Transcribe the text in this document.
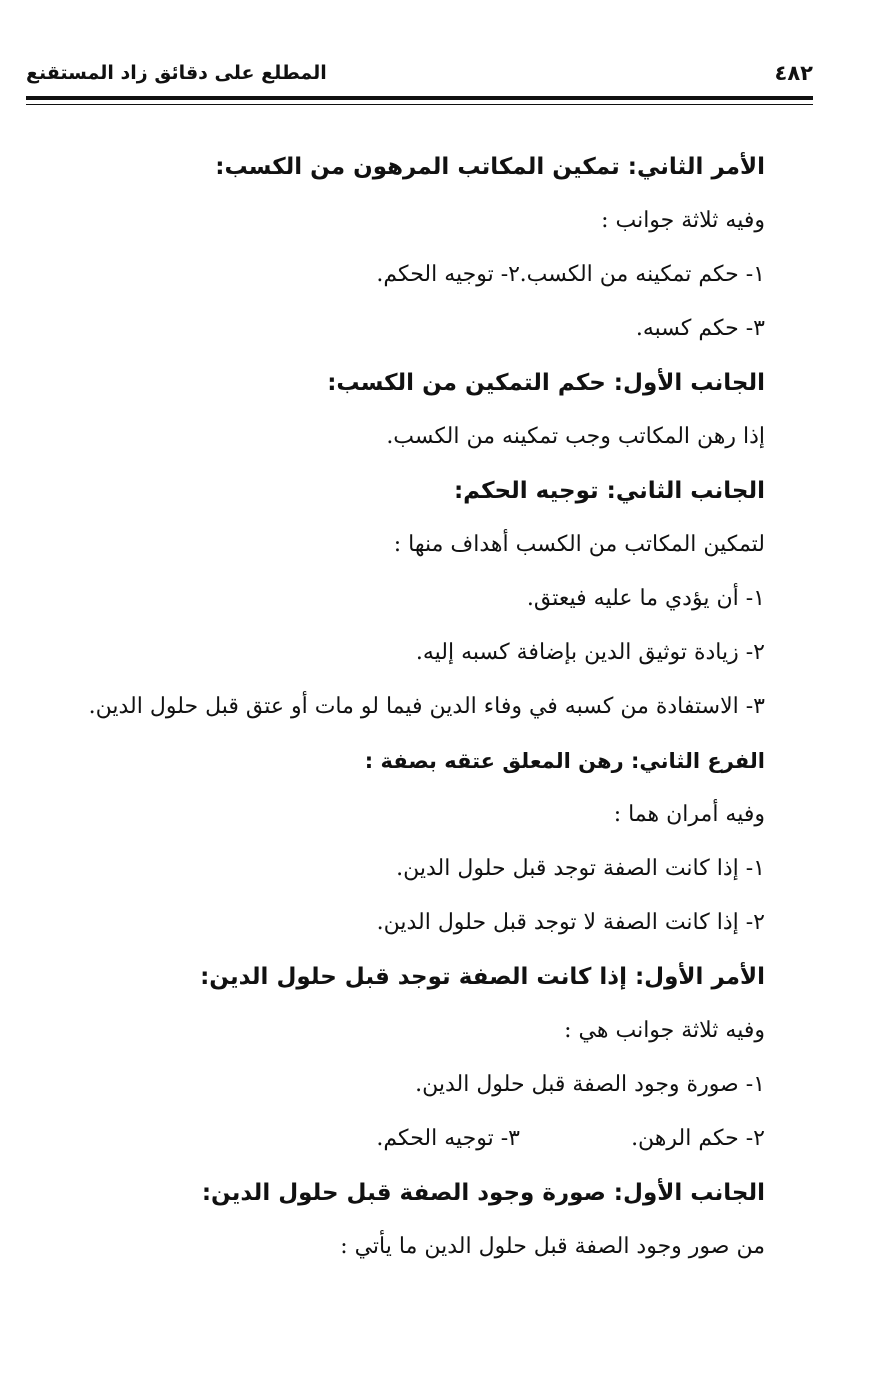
٤٨٢
المطلع على دقائق زاد المستقنع
الأمر الثاني: تمكين المكاتب المرهون من الكسب:
وفيه ثلاثة جوانب :
١- حكم تمكينه من الكسب.
٢- توجيه الحكم.
٣- حكم كسبه.
الجانب الأول: حكم التمكين من الكسب:
إذا رهن المكاتب وجب تمكينه من الكسب.
الجانب الثاني: توجيه الحكم:
لتمكين المكاتب من الكسب أهداف منها :
١- أن يؤدي ما عليه فيعتق.
٢- زيادة توثيق الدين بإضافة كسبه إليه.
٣- الاستفادة من كسبه في وفاء الدين فيما لو مات أو عتق قبل حلول الدين.
الفرع الثاني: رهن المعلق عتقه بصفة :
وفيه أمران هما :
١- إذا كانت الصفة توجد قبل حلول الدين.
٢- إذا كانت الصفة لا توجد قبل حلول الدين.
الأمر الأول: إذا كانت الصفة توجد قبل حلول الدين:
وفيه ثلاثة جوانب هي :
١- صورة وجود الصفة قبل حلول الدين.
٢- حكم الرهن.
٣- توجيه الحكم.
الجانب الأول: صورة وجود الصفة قبل حلول الدين:
من صور وجود الصفة قبل حلول الدين ما يأتي :
